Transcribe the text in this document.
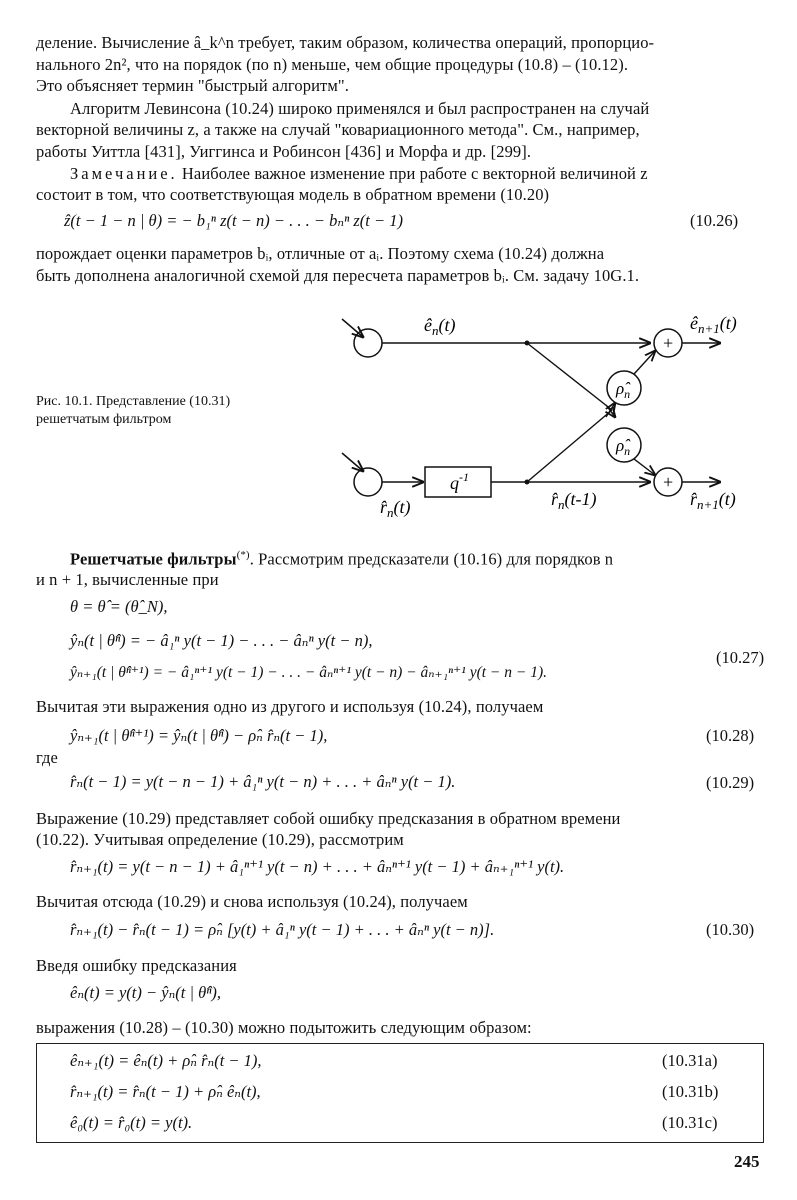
деление. Вычисление â_k^n требует, таким образом, количества операций, пропорцио-
нального 2n², что на порядок (по n) меньше, чем общие процедуры (10.8) – (10.12).
Это объясняет термин "быстрый алгоритм".
Алгоритм Левинсона (10.24) широко применялся и был распространен на случай
векторной величины z, а также на случай "ковариационного метода". См., например,
работы Уиттла [431], Уиггинса и Робинсон [436] и Морфа и др. [299].
Замечание. Наиболее важное изменение при работе с векторной величиной z
состоит в том, что соответствующая модель в обратном времени (10.20)
ẑ(t − 1 − n | θ) = − b₁ⁿ z(t − n) − . . . − bₙⁿ z(t − 1)	(10.26)
порождает оценки параметров bᵢ, отличные от aᵢ. Поэтому схема (10.24) должна
быть дополнена аналогичной схемой для пересчета параметров bᵢ. См. задачу 10G.1.
Рис. 10.1. Представление (10.31)
решетчатым фильтром
+
+
$ê_n(t)$	$ê_{n+1}(t)$
$q^{-1}$
$r̂_n(t-1)$
$r̂_n(t)$	$r̂_{n+1}(t)$
$\rhô_n$
$\rhô_n$
Решетчатые фильтры(*). Рассмотрим предсказатели (10.16) для порядков n
и n + 1, вычисленные при
θ = θ̂ = (θ̂_N),
ŷₙ(t | θ̂ⁿ) = − â₁ⁿ y(t − 1) − . . . − âₙⁿ y(t − n),
ŷₙ₊₁(t | θ̂ⁿ⁺¹) = − â₁ⁿ⁺¹ y(t − 1) − . . . − âₙⁿ⁺¹ y(t − n) − âₙ₊₁ⁿ⁺¹ y(t − n − 1).
(10.27)
Вычитая эти выражения одно из другого и используя (10.24), получаем
ŷₙ₊₁(t | θ̂ⁿ⁺¹) = ŷₙ(t | θ̂ⁿ) − ρ̂ₙ r̂ₙ(t − 1),	(10.28)
где
r̂ₙ(t − 1) = y(t − n − 1) + â₁ⁿ y(t − n) + . . . + âₙⁿ y(t − 1).	(10.29)
Выражение (10.29) представляет собой ошибку предсказания в обратном времени
(10.22). Учитывая определение (10.29), рассмотрим
r̂ₙ₊₁(t) = y(t − n − 1) + â₁ⁿ⁺¹ y(t − n) + . . . + âₙⁿ⁺¹ y(t − 1) + âₙ₊₁ⁿ⁺¹ y(t).
Вычитая отсюда (10.29) и снова используя (10.24), получаем
r̂ₙ₊₁(t) − r̂ₙ(t − 1) = ρ̂ₙ [y(t) + â₁ⁿ y(t − 1) + . . . + âₙⁿ y(t − n)].	(10.30)
Введя ошибку предсказания
êₙ(t) = y(t) − ŷₙ(t | θ̂ⁿ),
выражения (10.28) – (10.30) можно подытожить следующим образом:
êₙ₊₁(t) = êₙ(t) + ρ̂ₙ r̂ₙ(t − 1),	(10.31a)
r̂ₙ₊₁(t) = r̂ₙ(t − 1) + ρ̂ₙ êₙ(t),	(10.31b)
ê₀(t) = r̂₀(t) = y(t).	(10.31c)
245
